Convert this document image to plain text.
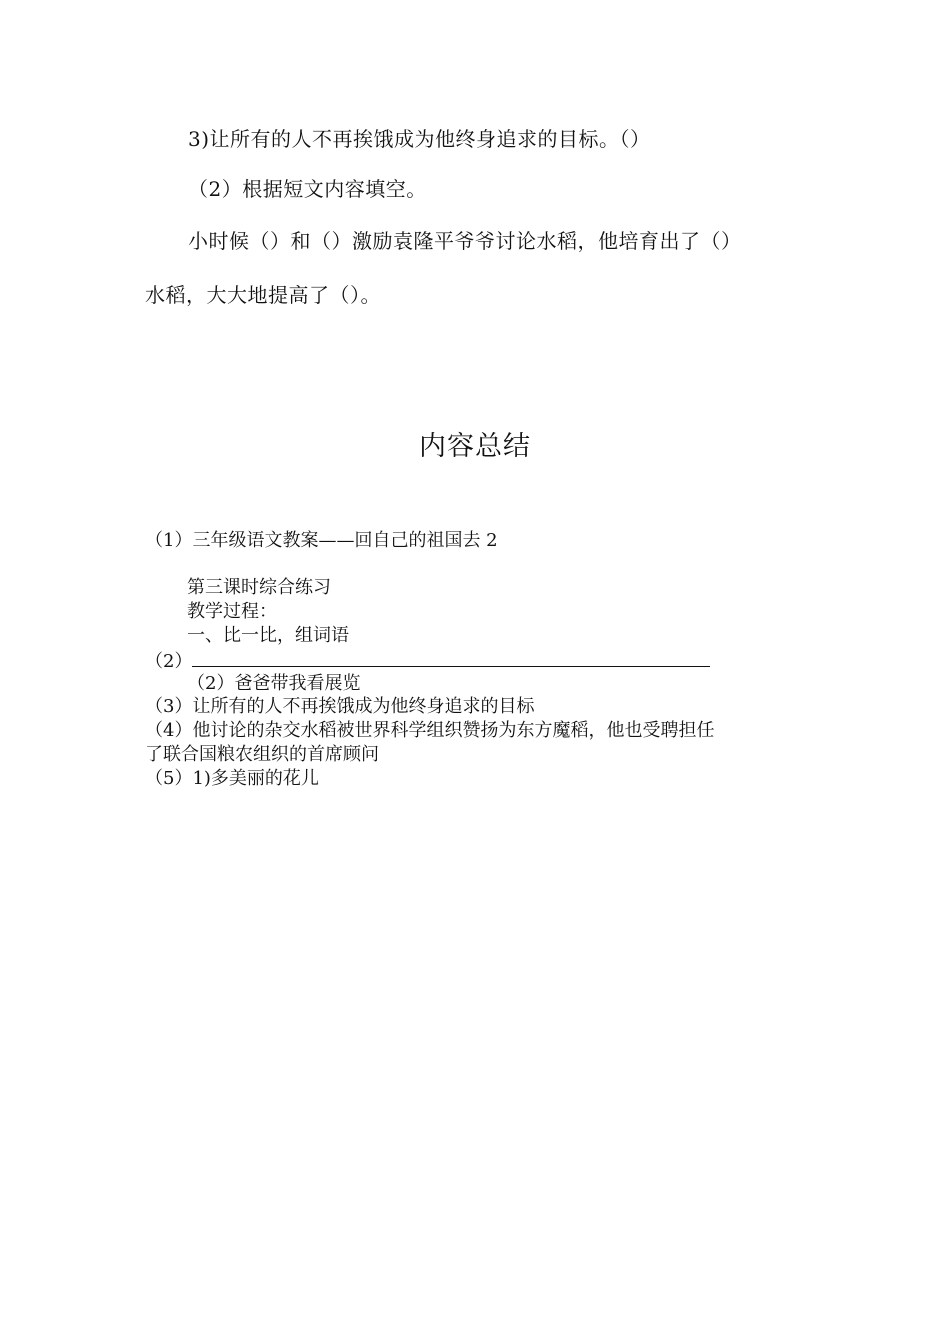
3)让所有的人不再挨饿成为他终身追求的目标。（）
（2）根据短文内容填空。
小时候（）和（）激励袁隆平爷爷讨论水稻，他培育出了（）
水稻，大大地提高了（）。
内容总结
（1）三年级语文教案——回自己的祖国去 2
第三课时综合练习
教学过程：
一、比一比，组词语
（2）
（2）爸爸带我看展览
（3）让所有的人不再挨饿成为他终身追求的目标
（4）他讨论的杂交水稻被世界科学组织赞扬为东方魔稻，他也受聘担任
了联合国粮农组织的首席顾问
（5）1)多美丽的花儿
